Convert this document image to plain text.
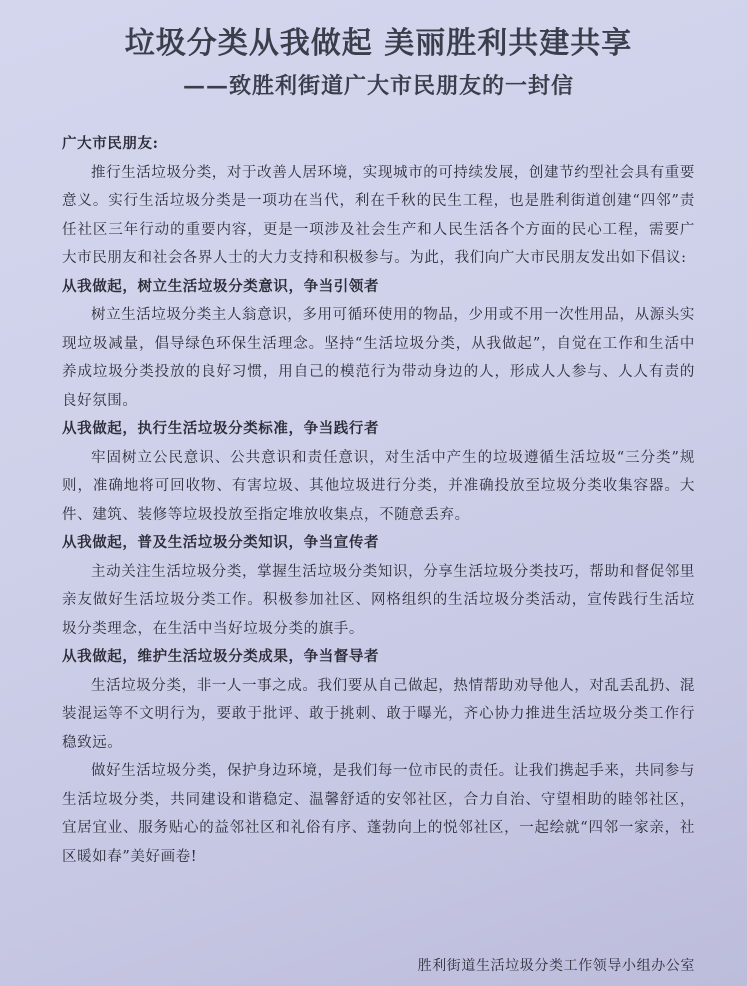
垃圾分类从我做起 美丽胜利共建共享
——致胜利街道广大市民朋友的一封信

广大市民朋友:

推行生活垃圾分类，对于改善人居环境，实现城市的可持续发展，创建节约型社会具有重要意义。实行生活垃圾分类是一项功在当代，利在千秋的民生工程，也是胜利街道创建“四邻”责任社区三年行动的重要内容，更是一项涉及社会生产和人民生活各个方面的民心工程，需要广大市民朋友和社会各界人士的大力支持和积极参与。为此，我们向广大市民朋友发出如下倡议:

从我做起，树立生活垃圾分类意识，争当引领者

树立生活垃圾分类主人翁意识，多用可循环使用的物品，少用或不用一次性用品，从源头实现垃圾减量，倡导绿色环保生活理念。坚持“生活垃圾分类，从我做起”，自觉在工作和生活中养成垃圾分类投放的良好习惯，用自己的模范行为带动身边的人，形成人人参与、人人有责的良好氛围。

从我做起，执行生活垃圾分类标准，争当践行者

牢固树立公民意识、公共意识和责任意识，对生活中产生的垃圾遵循生活垃圾“三分类”规则，准确地将可回收物、有害垃圾、其他垃圾进行分类，并准确投放至垃圾分类收集容器。大件、建筑、装修等垃圾投放至指定堆放收集点，不随意丢弃。

从我做起，普及生活垃圾分类知识，争当宣传者

主动关注生活垃圾分类，掌握生活垃圾分类知识，分享生活垃圾分类技巧，帮助和督促邻里亲友做好生活垃圾分类工作。积极参加社区、网格组织的生活垃圾分类活动，宣传践行生活垃圾分类理念，在生活中当好垃圾分类的旗手。

从我做起，维护生活垃圾分类成果，争当督导者

生活垃圾分类，非一人一事之成。我们要从自己做起，热情帮助劝导他人，对乱丢乱扔、混装混运等不文明行为，要敢于批评、敢于挑刺、敢于曝光，齐心协力推进生活垃圾分类工作行稳致远。

做好生活垃圾分类，保护身边环境，是我们每一位市民的责任。让我们携起手来，共同参与生活垃圾分类，共同建设和谐稳定、温馨舒适的安邻社区，合力自治、守望相助的睦邻社区，宜居宜业、服务贴心的益邻社区和礼俗有序、蓬勃向上的悦邻社区，一起绘就“四邻一家亲，社区暖如春”美好画卷!

胜利街道生活垃圾分类工作领导小组办公室
